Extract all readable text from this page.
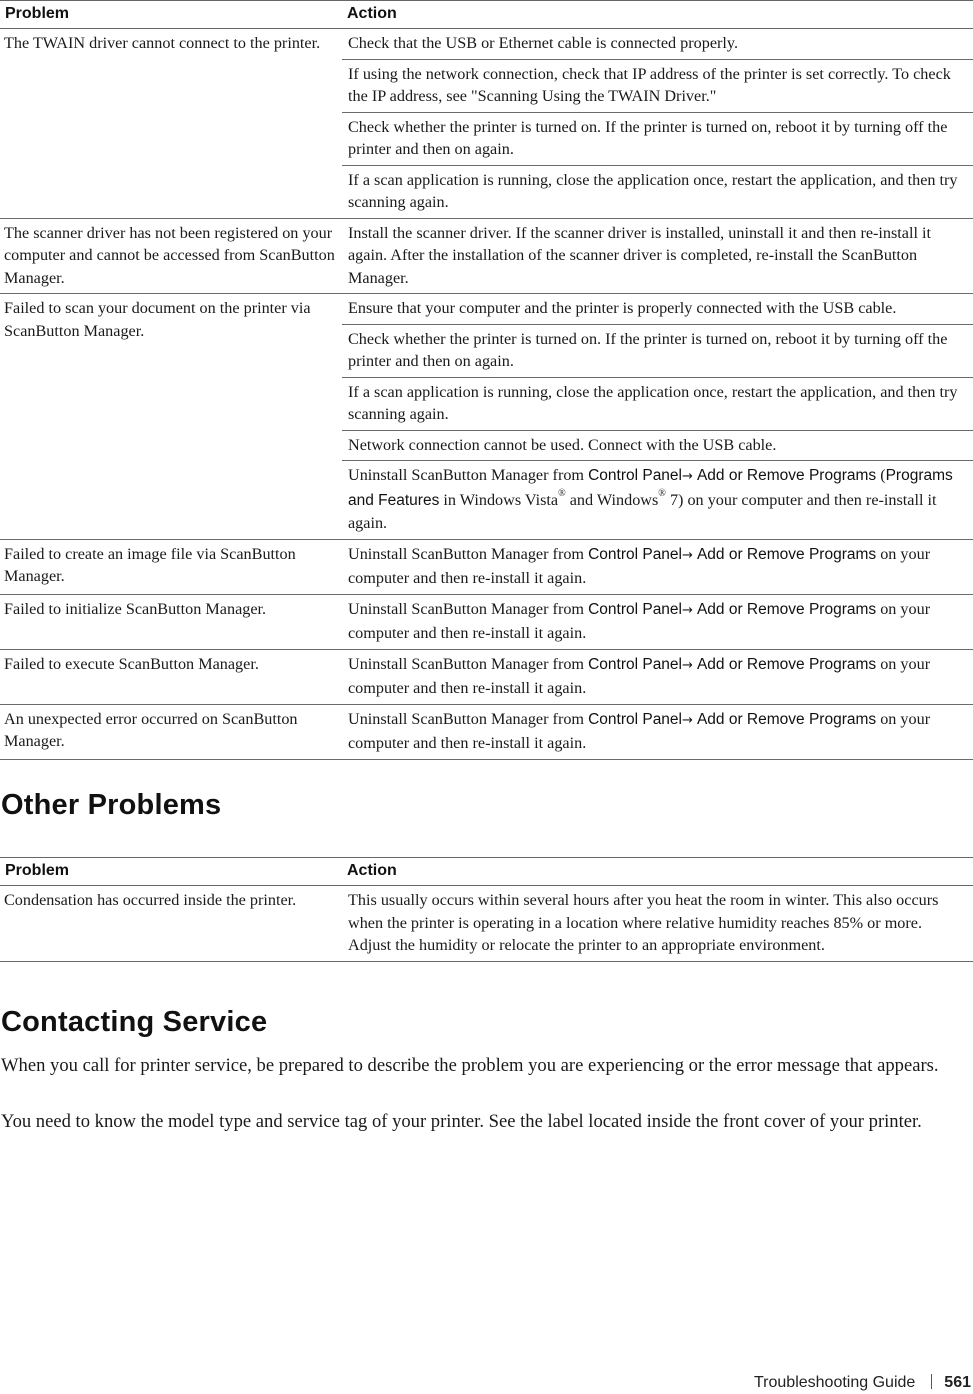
Problem	Action
The TWAIN driver cannot connect to the printer.	Check that the USB or Ethernet cable is connected properly.
	If using the network connection, check that IP address of the printer is set correctly. To check the IP address, see "Scanning Using the TWAIN Driver."
	Check whether the printer is turned on. If the printer is turned on, reboot it by turning off the printer and then on again.
	If a scan application is running, close the application once, restart the application, and then try scanning again.
The scanner driver has not been registered on your computer and cannot be accessed from ScanButton Manager.	Install the scanner driver. If the scanner driver is installed, uninstall it and then re-install it again. After the installation of the scanner driver is completed, re-install the ScanButton Manager.
Failed to scan your document on the printer via ScanButton Manager.	Ensure that your computer and the printer is properly connected with the USB cable.
	Check whether the printer is turned on. If the printer is turned on, reboot it by turning off the printer and then on again.
	If a scan application is running, close the application once, restart the application, and then try scanning again.
	Network connection cannot be used. Connect with the USB cable.
	Uninstall ScanButton Manager from Control Panel→ Add or Remove Programs (Programs and Features in Windows Vista® and Windows® 7) on your computer and then re-install it again.
Failed to create an image file via ScanButton Manager.	Uninstall ScanButton Manager from Control Panel→ Add or Remove Programs on your computer and then re-install it again.
Failed to initialize ScanButton Manager.	Uninstall ScanButton Manager from Control Panel→ Add or Remove Programs on your computer and then re-install it again.
Failed to execute ScanButton Manager.	Uninstall ScanButton Manager from Control Panel→ Add or Remove Programs on your computer and then re-install it again.
An unexpected error occurred on ScanButton Manager.	Uninstall ScanButton Manager from Control Panel→ Add or Remove Programs on your computer and then re-install it again.
Other Problems
Problem	Action
Condensation has occurred inside the printer.	This usually occurs within several hours after you heat the room in winter. This also occurs when the printer is operating in a location where relative humidity reaches 85% or more. Adjust the humidity or relocate the printer to an appropriate environment.
Contacting Service

When you call for printer service, be prepared to describe the problem you are experiencing or the error message that appears.

You need to know the model type and service tag of your printer. See the label located inside the front cover of your printer.

Troubleshooting Guide 561
